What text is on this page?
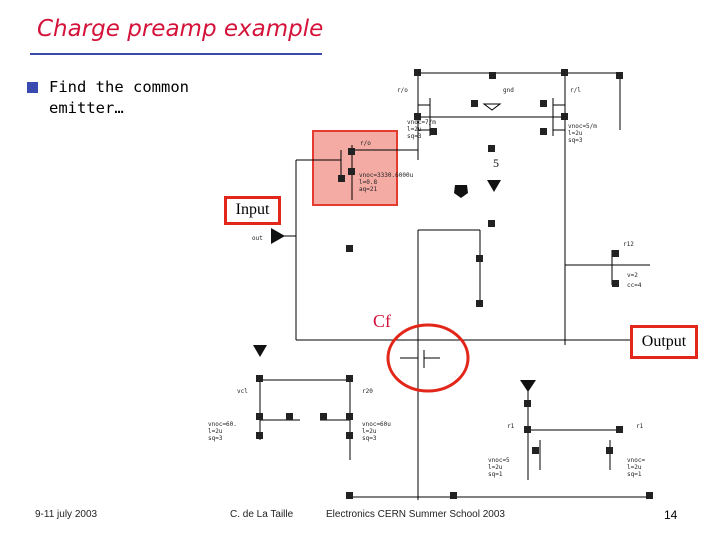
Charge preamp example
Find the common emitter…
r/o	gnd	r/l
vnoc=7/m
l=2u
sq=3
vnoc=5/m
l=2u
sq=3
r/o
vnoc=3330.6000u
l=0.8
aq=21
out
vcl	r20
vnoc=60.
l=2u
sq=3
vnoc=60u
l=2u
sq=3
vnoc=5
l=2u
sq=1
vnoc=
l=2u
sq=1
r12
v=2
cc=4
r1	r1
5
Input
Output
Cf
9-11 july 2003	C. de La Taille	Electronics CERN Summer School 2003	14
